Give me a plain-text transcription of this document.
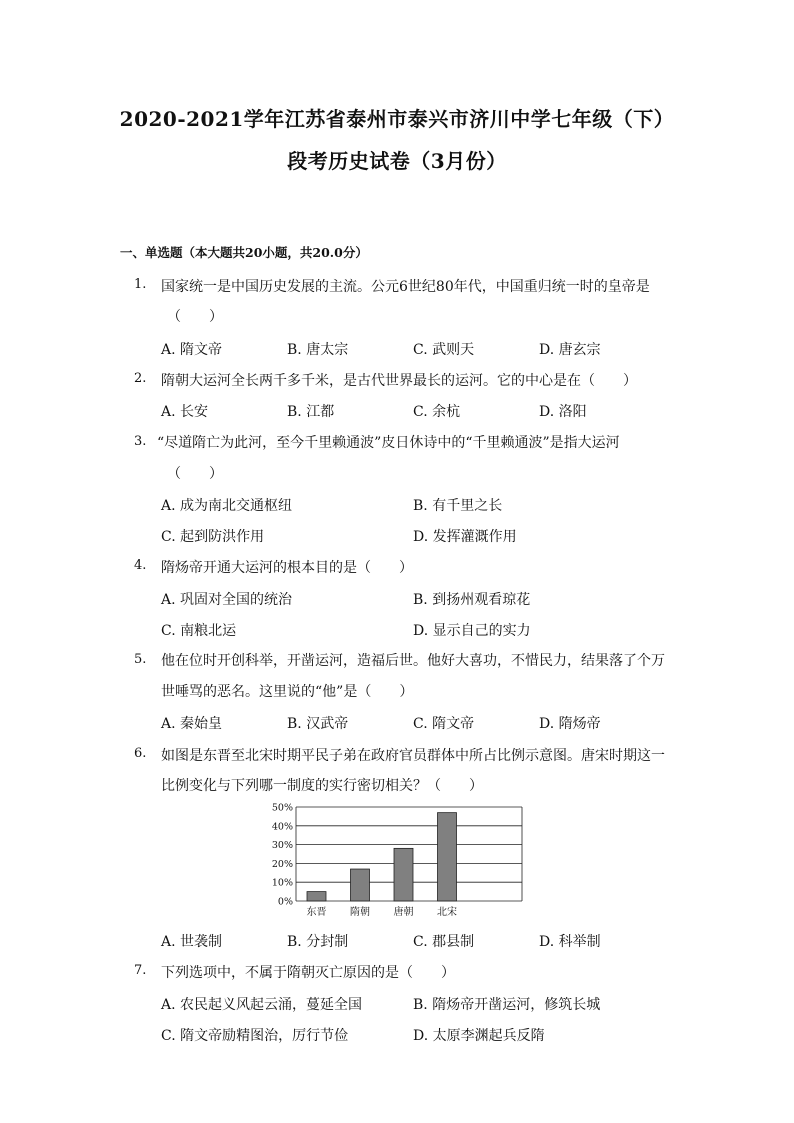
2020-2021学年江苏省泰州市泰兴市济川中学七年级（下）
段考历史试卷（3月份）
一、单选题（本大题共20小题，共20.0分）
1. 国家统一是中国历史发展的主流。公元6世纪80年代，中国重归统一时的皇帝是
（　　）
A. 隋文帝	B. 唐太宗	C. 武则天	D. 唐玄宗
2. 隋朝大运河全长两千多千米，是古代世界最长的运河。它的中心是在（　　）
A. 长安	B. 江都	C. 余杭	D. 洛阳
3. “尽道隋亡为此河，至今千里赖通波”皮日休诗中的“千里赖通波”是指大运河
（　　）
A. 成为南北交通枢纽	B. 有千里之长
C. 起到防洪作用	D. 发挥灌溉作用
4. 隋炀帝开通大运河的根本目的是（　　）
A. 巩固对全国的统治	B. 到扬州观看琼花
C. 南粮北运	D. 显示自己的实力
5. 他在位时开创科举，开凿运河，造福后世。他好大喜功，不惜民力，结果落了个万
世唾骂的恶名。这里说的“他”是（　　）
A. 秦始皇	B. 汉武帝	C. 隋文帝	D. 隋炀帝
6. 如图是东晋至北宋时期平民子弟在政府官员群体中所占比例示意图。唐宋时期这一
比例变化与下列哪一制度的实行密切相关？（　　）
0%
10%
20%
30%
40%
50%
东晋 隋朝 唐朝 北宋
A. 世袭制	B. 分封制	C. 郡县制	D. 科举制
7. 下列选项中，不属于隋朝灭亡原因的是（　　）
A. 农民起义风起云涌，蔓延全国	B. 隋炀帝开凿运河，修筑长城
C. 隋文帝励精图治，厉行节俭	D. 太原李渊起兵反隋
